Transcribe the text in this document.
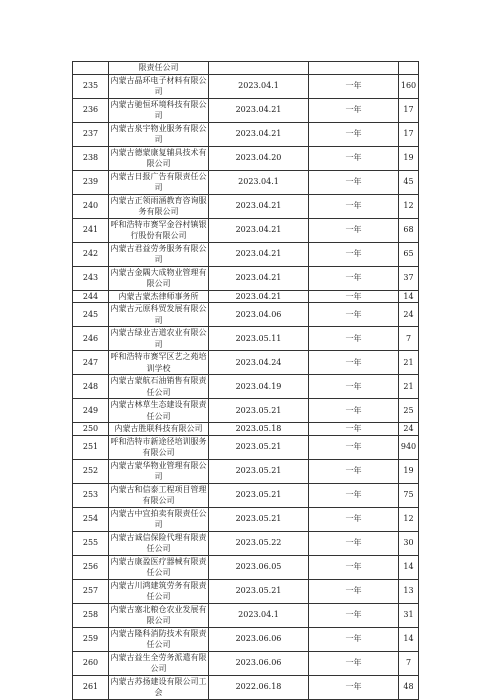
	限责任公司			
235	内蒙古晶环电子材料有限公司	2023.04.1	一年	160
236	内蒙古驰恒环境科技有限公司	2023.04.21	一年	17
237	内蒙古泉宇物业服务有限公司	2023.04.21	一年	17
238	内蒙古德蒙康复辅具技术有限公司	2023.04.20	一年	19
239	内蒙古日报广告有限责任公司	2023.04.1	一年	45
240	内蒙古正领雨涵教育咨询服务有限公司	2023.04.21	一年	12
241	呼和浩特市赛罕金谷村镇银行股份有限公司	2023.04.21	一年	68
242	内蒙古君益劳务服务有限公司	2023.04.21	一年	65
243	内蒙古金隅大成物业管理有限公司	2023.04.21	一年	37
244	内蒙古蒙杰律师事务所	2023.04.21	一年	14
245	内蒙古元原科贸发展有限公司	2023.04.06	一年	24
246	内蒙古绿业吉道农业有限公司	2023.05.11	一年	7
247	呼和浩特市赛罕区艺之苑培训学校	2023.04.24	一年	21
248	内蒙古蒙航石油销售有限责任公司	2023.04.19	一年	21
249	内蒙古林草生态建设有限责任公司	2023.05.21	一年	25
250	内蒙古胜联科技有限公司	2023.05.18	一年	24
251	呼和浩特市新途径培训服务有限公司	2023.05.21	一年	940
252	内蒙古蒙华物业管理有限公司	2023.05.21	一年	19
253	内蒙古和信泰工程项目管理有限公司	2023.05.21	一年	75
254	内蒙古中宜拍卖有限责任公司	2023.05.21	一年	12
255	内蒙古诚信保险代理有限责任公司	2023.05.22	一年	30
256	内蒙古康盈医疗器械有限责任公司	2023.06.05	一年	14
257	内蒙古川鸿建筑劳务有限责任公司	2023.05.21	一年	13
258	内蒙古塞北粮仓农业发展有限公司	2023.04.1	一年	31
259	内蒙古隆科消防技术有限责任公司	2023.06.06	一年	14
260	内蒙古益生全劳务派遣有限公司	2023.06.06	一年	7
261	内蒙古苏扬建设有限公司工会	2022.06.18	一年	48
